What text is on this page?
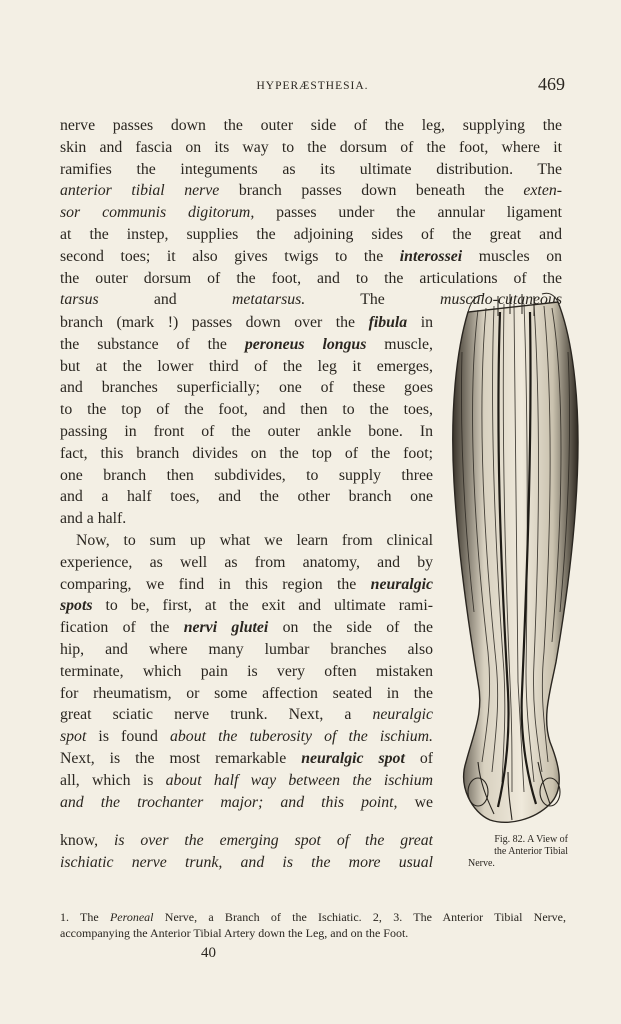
HYPERÆSTHESIA.	469
nerve passes down the outer side of the leg, supplying the
skin and fascia on its way to the dorsum of the foot, where it
ramifies the integuments as its ultimate distribution. The
anterior tibial nerve branch passes down beneath the exten-
sor communis digitorum, passes under the annular ligament
at the instep, supplies the adjoining sides of the great and
second toes; it also gives twigs to the interossei muscles on
the outer dorsum of the foot, and to the articulations of the
tarsus and metatarsus. The musculo-cutaneous
branch (mark !) passes down over the fibula in
the substance of the peroneus longus muscle,
but at the lower third of the leg it emerges,
and branches superficially; one of these goes
to the top of the foot, and then to the toes,
passing in front of the outer ankle bone. In
fact, this branch divides on the top of the foot;
one branch then subdivides, to supply three
and a half toes, and the other branch one
and a half.
Now, to sum up what we learn from clinical
experience, as well as from anatomy, and by
comparing, we find in this region the neuralgic
spots to be, first, at the exit and ultimate rami-
fication of the nervi glutei on the side of the
hip, and where many lumbar branches also
terminate, which pain is very often mistaken
for rheumatism, or some affection seated in the
great sciatic nerve trunk. Next, a neuralgic
spot is found about the tuberosity of the ischium.
Next, is the most remarkable neuralgic spot of
all, which is about half way between the ischium
and the trochanter major; and this point, we
know, is over the emerging spot of the great
ischiatic nerve trunk, and is the more usual
Fig. 82. A View of
the Anterior Tibial
Nerve.
1. The Peroneal Nerve, a Branch of the Ischiatic. 2, 3. The Anterior Tibial Nerve,
accompanying the Anterior Tibial Artery down the Leg, and on the Foot.
40
